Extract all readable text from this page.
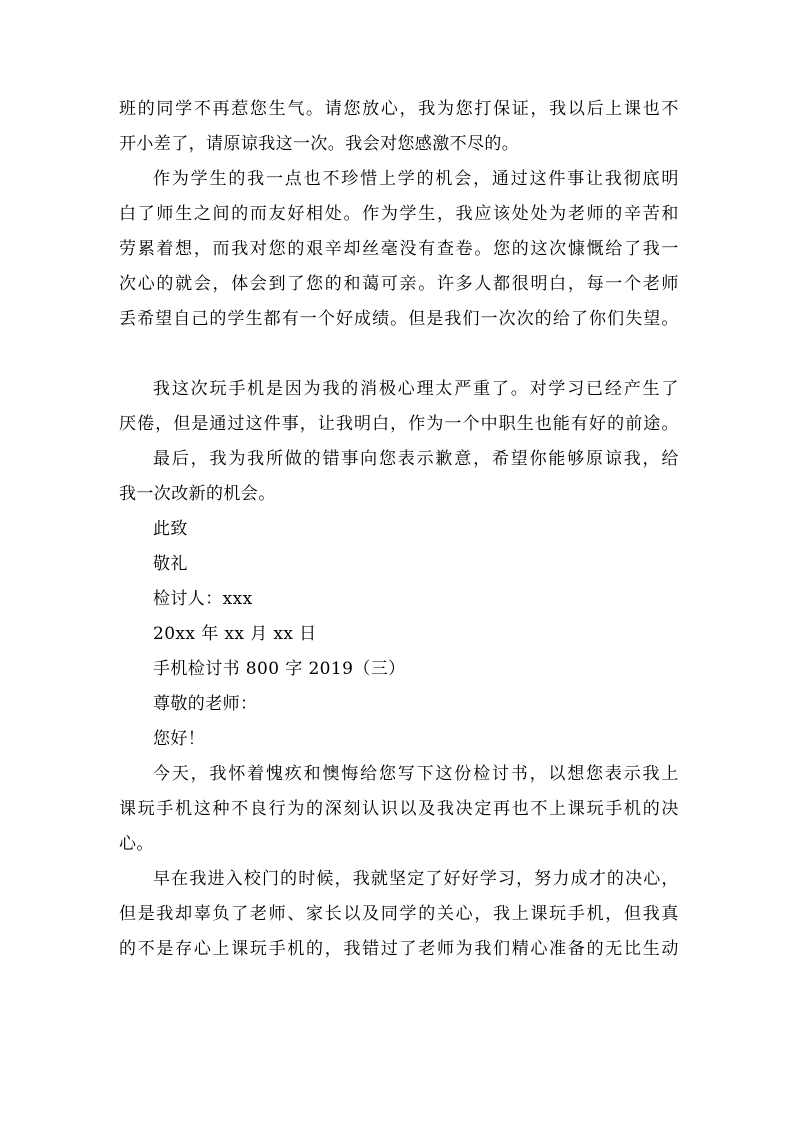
班 的 同 学 不 再 惹 您 生 气 。 请 您 放 心 ， 我 为 您 打 保 证 ， 我 以 后 上 课 也 不
开小差了，请原谅我这一次。我会对您感激不尽的。
作 为 学 生 的 我 一 点 也 不 珍 惜 上 学 的 机 会 ， 通 过 这 件 事 让 我 彻 底 明
白 了 师 生 之 间 的 而 友 好 相 处 。 作 为 学 生 ， 我 应 该 处 处 为 老 师 的 辛 苦 和
劳 累 着 想 ， 而 我 对 您 的 艰 辛 却 丝 毫 没 有 查 卷 。 您 的 这 次 慷 慨 给 了 我 一
次 心 的 就 会 ， 体 会 到 了 您 的 和 蔼 可 亲 。 许 多 人 都 很 明 白 ， 每 一 个 老 师
丢 希 望 自 己 的 学 生 都 有 一 个 好 成 绩 。 但 是 我 们 一 次 次 的 给 了 你 们 失 望 。
我 这 次 玩 手 机 是 因 为 我 的 消 极 心 理 太 严 重 了 。 对 学 习 已 经 产 生 了
厌 倦 ， 但 是 通 过 这 件 事 ， 让 我 明 白 ， 作 为 一 个 中 职 生 也 能 有 好 的 前 途 。
最 后 ， 我 为 我 所 做 的 错 事 向 您 表 示 歉 意 ， 希 望 你 能 够 原 谅 我 ， 给
我一次改新的机会。
此致
敬礼
检讨人：xxx
20xx 年 xx 月 xx 日
手机检讨书 800 字 2019（三）
尊敬的老师：
您好！
今 天 ， 我 怀 着 愧 疚 和 懊 悔 给 您 写 下 这 份 检 讨 书 ， 以 想 您 表 示 我 上
课 玩 手 机 这 种 不 良 行 为 的 深 刻 认 识 以 及 我 决 定 再 也 不 上 课 玩 手 机 的 决
心。
早 在 我 进 入 校 门 的 时 候 ， 我 就 坚 定 了 好 好 学 习 ， 努 力 成 才 的 决 心 ，
但 是 我 却 辜 负 了 老 师 、 家 长 以 及 同 学 的 关 心 ， 我 上 课 玩 手 机 ， 但 我 真
的 不 是 存 心 上 课 玩 手 机 的 ， 我 错 过 了 老 师 为 我 们 精 心 准 备 的 无 比 生 动
